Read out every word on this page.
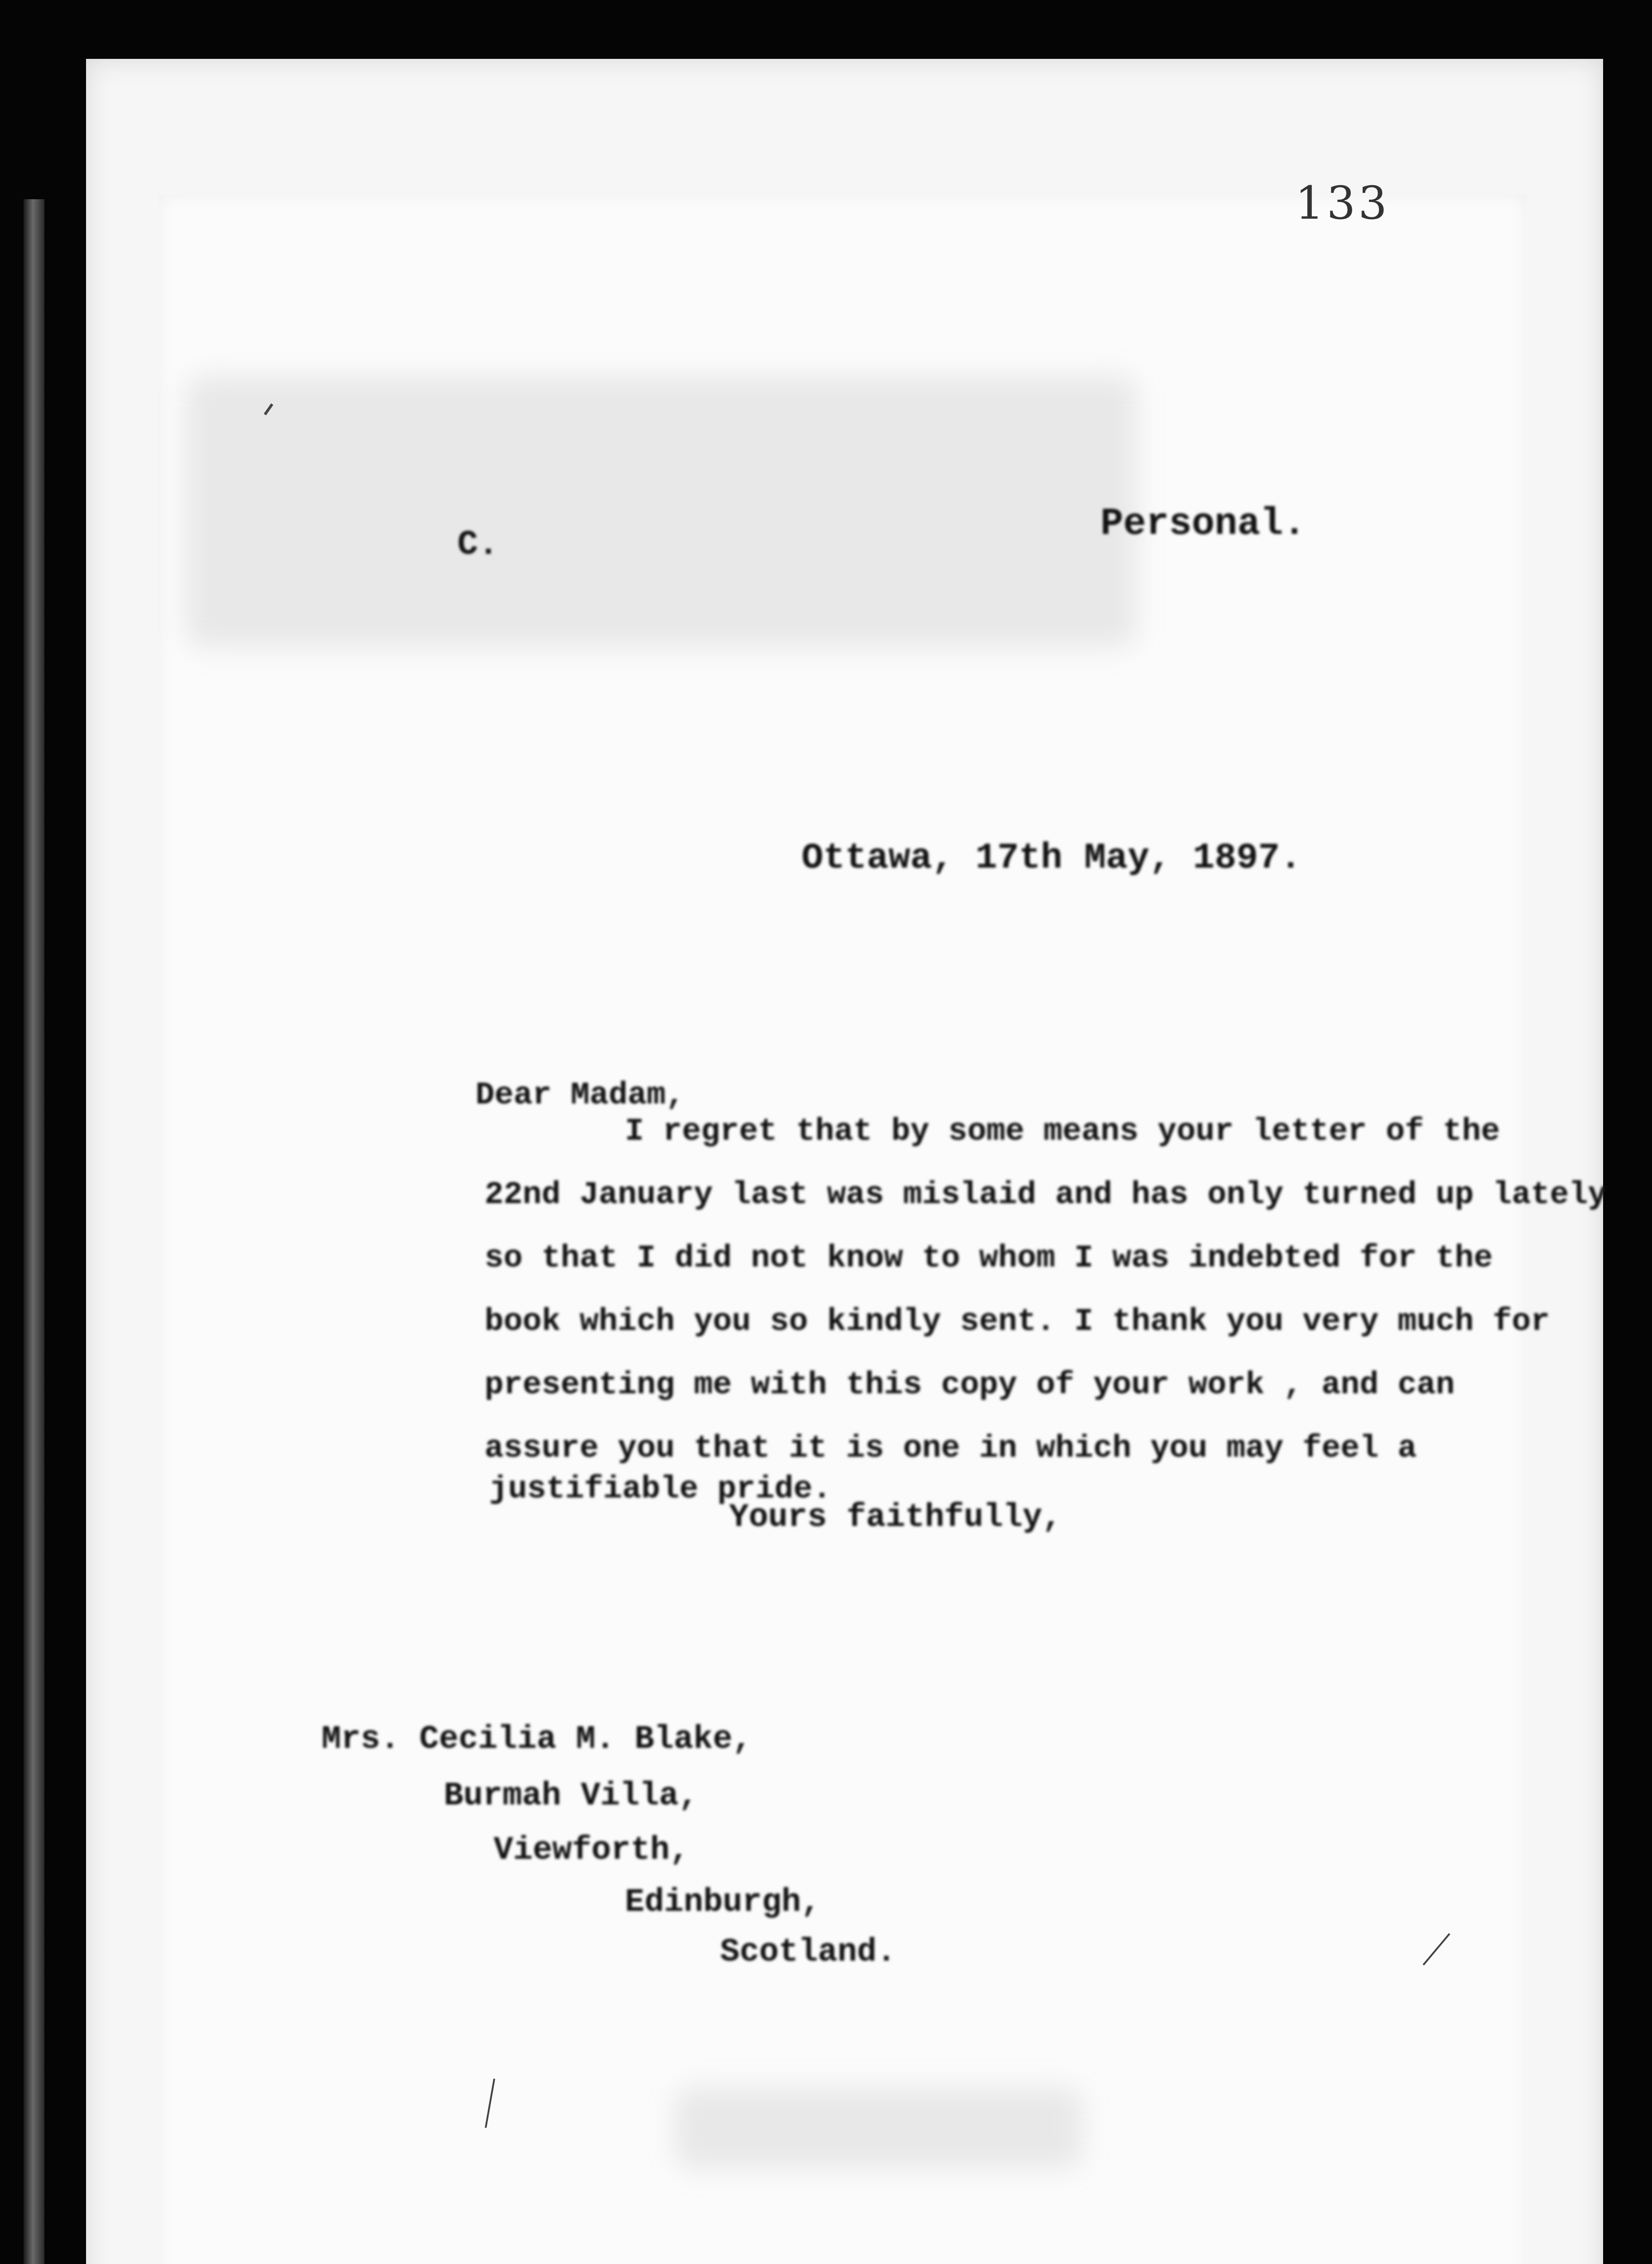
133
C.	Personal.
Ottawa, 17th May, 1897.
Dear Madam,
I regret that by some means your letter of the
22nd January last was mislaid and has only turned up lately
so that I did not know to whom I was indebted for the
book which you so kindly sent. I thank you very much for
presenting me with this copy of your work , and can
assure you that it is one in which you may feel a
justifiable pride.
Yours faithfully,
Mrs. Cecilia M. Blake,
Burmah Villa,
Viewforth,
Edinburgh,
Scotland.
